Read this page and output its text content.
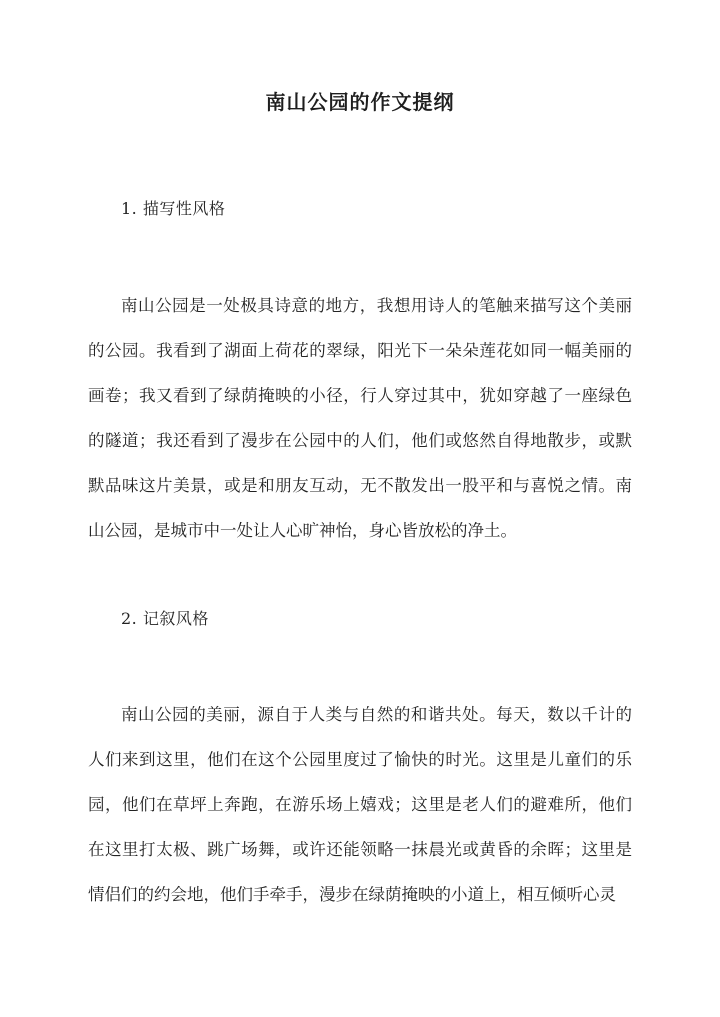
南山公园的作文提纲
1. 描写性风格

南山公园是一处极具诗意的地方，我想用诗人的笔触来描写这个美丽的公园。我看到了湖面上荷花的翠绿，阳光下一朵朵莲花如同一幅美丽的画卷；我又看到了绿荫掩映的小径，行人穿过其中，犹如穿越了一座绿色的隧道；我还看到了漫步在公园中的人们，他们或悠然自得地散步，或默默品味这片美景，或是和朋友互动，无不散发出一股平和与喜悦之情。南山公园，是城市中一处让人心旷神怡，身心皆放松的净土。

2. 记叙风格

南山公园的美丽，源自于人类与自然的和谐共处。每天，数以千计的人们来到这里，他们在这个公园里度过了愉快的时光。这里是儿童们的乐园，他们在草坪上奔跑，在游乐场上嬉戏；这里是老人们的避难所，他们在这里打太极、跳广场舞，或许还能领略一抹晨光或黄昏的余晖；这里是情侣们的约会地，他们手牵手，漫步在绿荫掩映的小道上，相互倾听心灵
